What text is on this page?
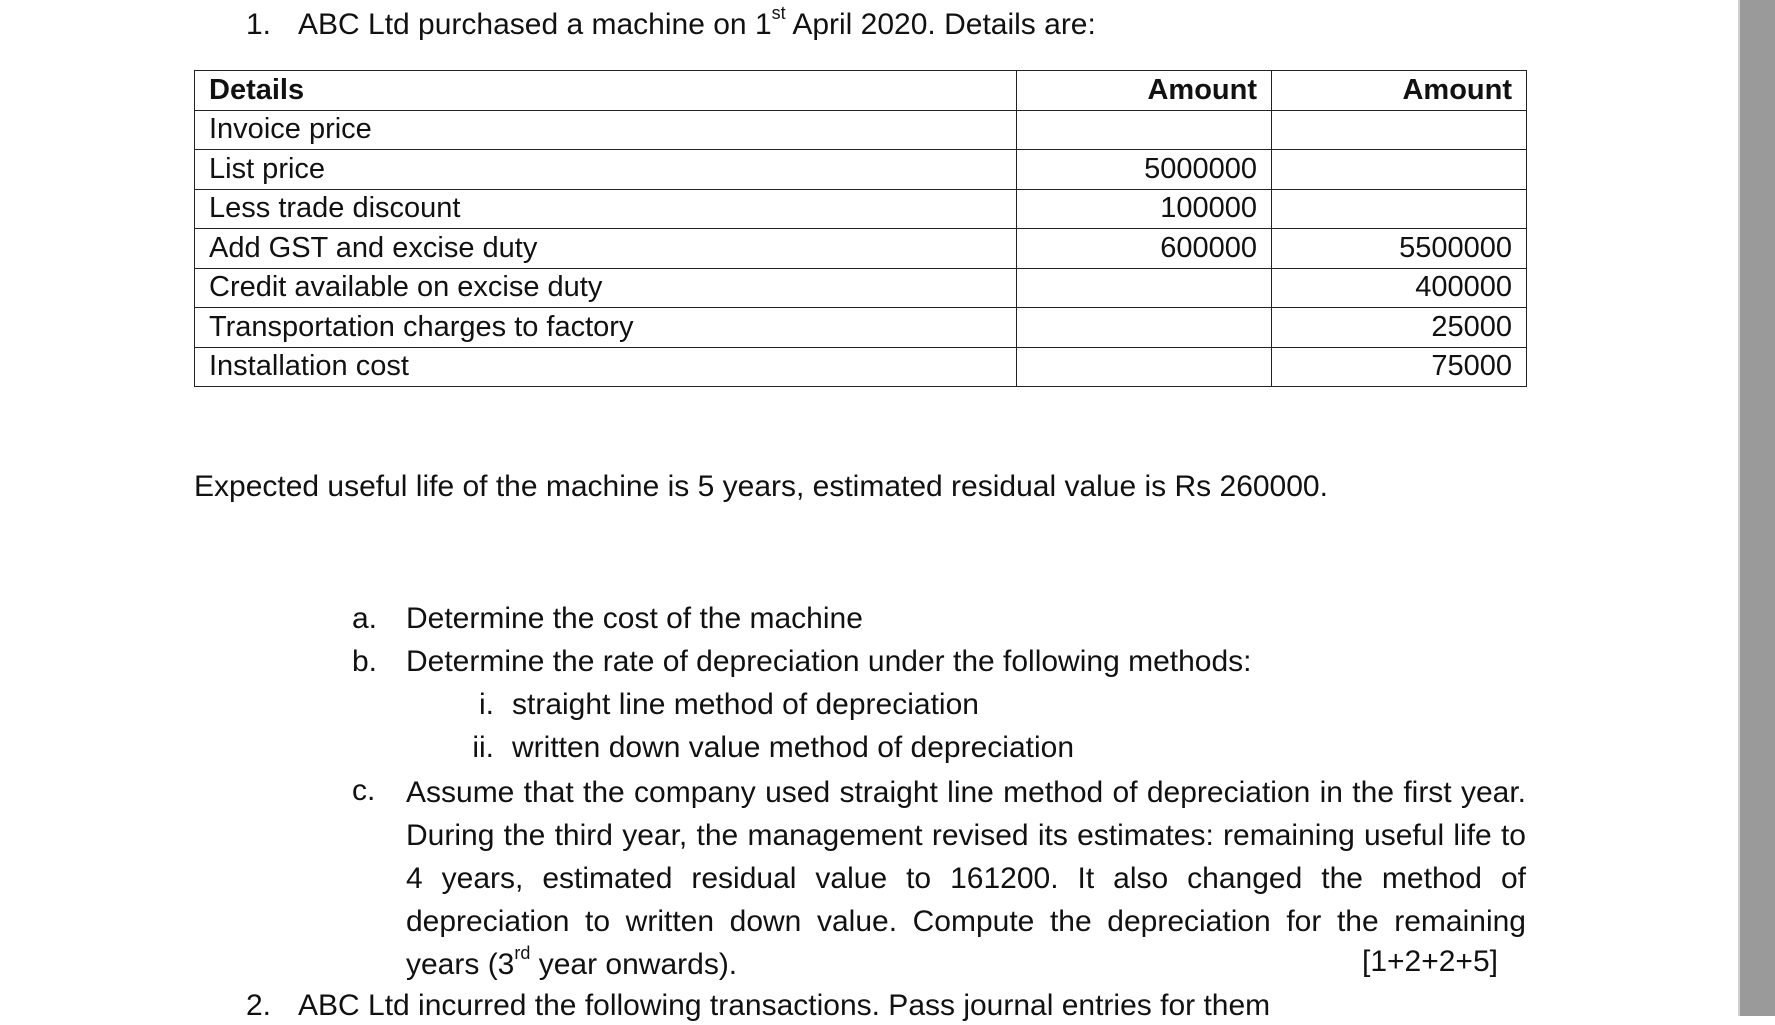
1. ABC Ltd purchased a machine on 1st April 2020. Details are:
Details	Amount	Amount
Invoice price		
List price	5000000	
Less trade discount	100000	
Add GST and excise duty	600000	5500000
Credit available on excise duty		400000
Transportation charges to factory		25000
Installation cost		75000
Expected useful life of the machine is 5 years, estimated residual value is Rs 260000.
a. Determine the cost of the machine
b. Determine the rate of depreciation under the following methods:
i. straight line method of depreciation
ii. written down value method of depreciation
c. Assume that the company used straight line method of depreciation in the first year. During the third year, the management revised its estimates: remaining useful life to 4 years, estimated residual value to 161200. It also changed the method of depreciation to written down value. Compute the depreciation for the remaining years (3rd year onwards).	[1+2+2+5]
2. ABC Ltd incurred the following transactions. Pass journal entries for them
